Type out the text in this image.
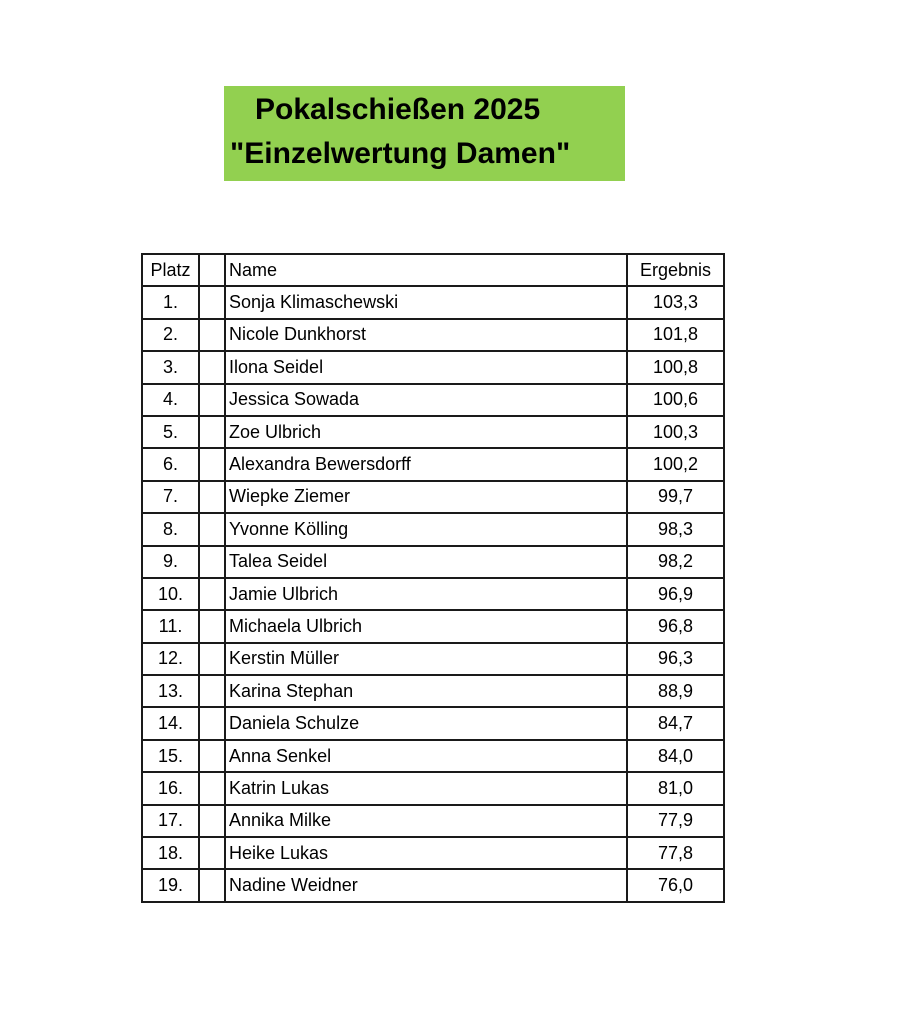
Pokalschießen 2025
"Einzelwertung Damen"
Platz		Name	Ergebnis
1.		Sonja Klimaschewski	103,3
2.		Nicole Dunkhorst	101,8
3.		Ilona Seidel	100,8
4.		Jessica Sowada	100,6
5.		Zoe Ulbrich	100,3
6.		Alexandra Bewersdorff	100,2
7.		Wiepke Ziemer	99,7
8.		Yvonne Kölling	98,3
9.		Talea Seidel	98,2
10.		Jamie Ulbrich	96,9
11.		Michaela Ulbrich	96,8
12.		Kerstin Müller	96,3
13.		Karina Stephan	88,9
14.		Daniela Schulze	84,7
15.		Anna Senkel	84,0
16.		Katrin Lukas	81,0
17.		Annika Milke	77,9
18.		Heike Lukas	77,8
19.		Nadine Weidner	76,0
